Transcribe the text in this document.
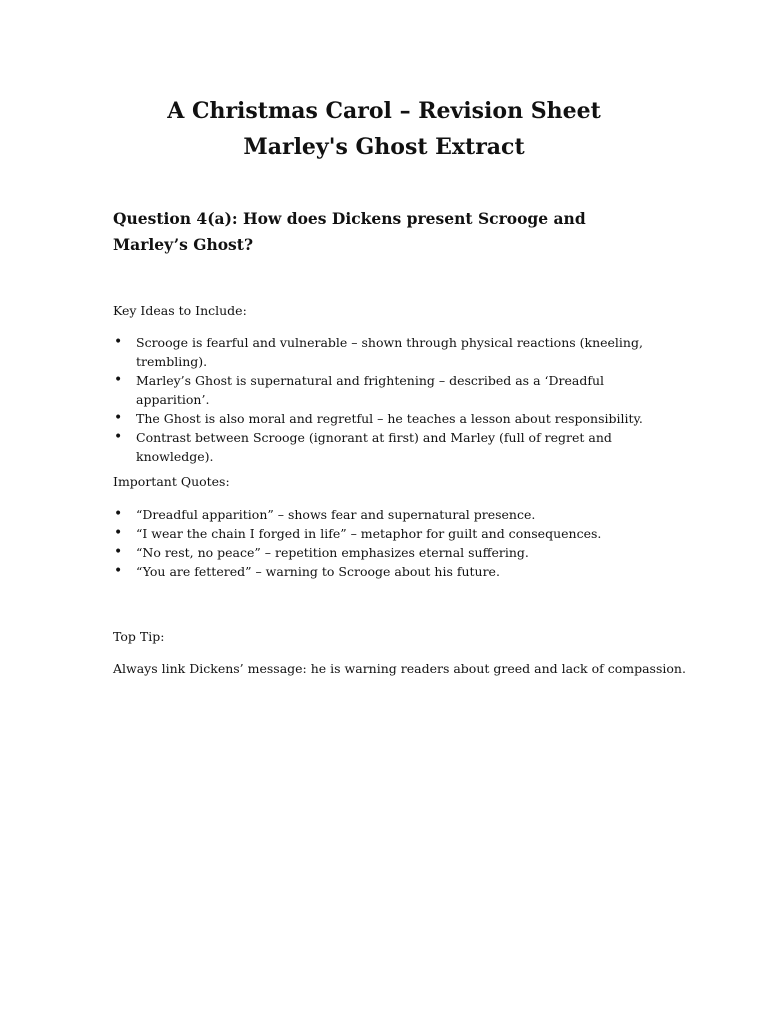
A Christmas Carol – Revision Sheet

Marley's Ghost Extract

Question 4(a): How does Dickens present Scrooge and Marley’s Ghost?

Key Ideas to Include:

• Scrooge is fearful and vulnerable – shown through physical reactions (kneeling, trembling).
• Marley’s Ghost is supernatural and frightening – described as a ‘Dreadful apparition’.
• The Ghost is also moral and regretful – he teaches a lesson about responsibility.
• Contrast between Scrooge (ignorant at first) and Marley (full of regret and knowledge).

Important Quotes:

• “Dreadful apparition” – shows fear and supernatural presence.
• “I wear the chain I forged in life” – metaphor for guilt and consequences.
• “No rest, no peace” – repetition emphasizes eternal suffering.
• “You are fettered” – warning to Scrooge about his future.

Top Tip:

Always link Dickens’ message: he is warning readers about greed and lack of compassion.
